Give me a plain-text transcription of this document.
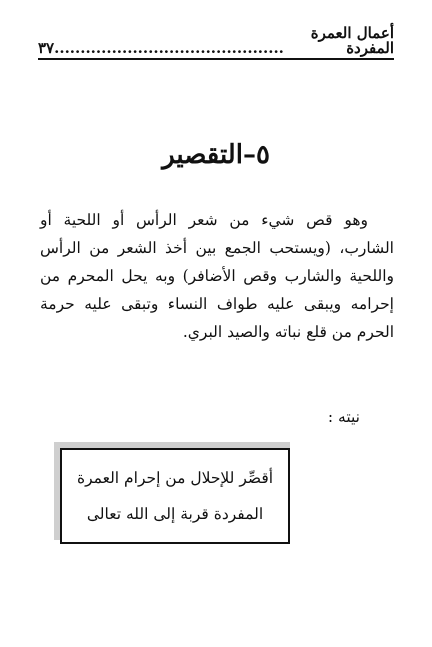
أعمال العمرة المفردة
٣٧............................................
٥–التقصير

وهو قص شيء من شعر الرأس أو اللحية أو الشارب، (ويستحب الجمع بين أخذ الشعر من الرأس واللحية والشارب وقص الأضافر) وبه يحل المحرم من إحرامه ويبقى عليه طواف النساء وتبقى عليه حرمة الحرم من قلع نباته والصيد البري.

نيته :
أقصِّر للإحلال من إحرام العمرة
المفردة قربة إلى الله تعالى
